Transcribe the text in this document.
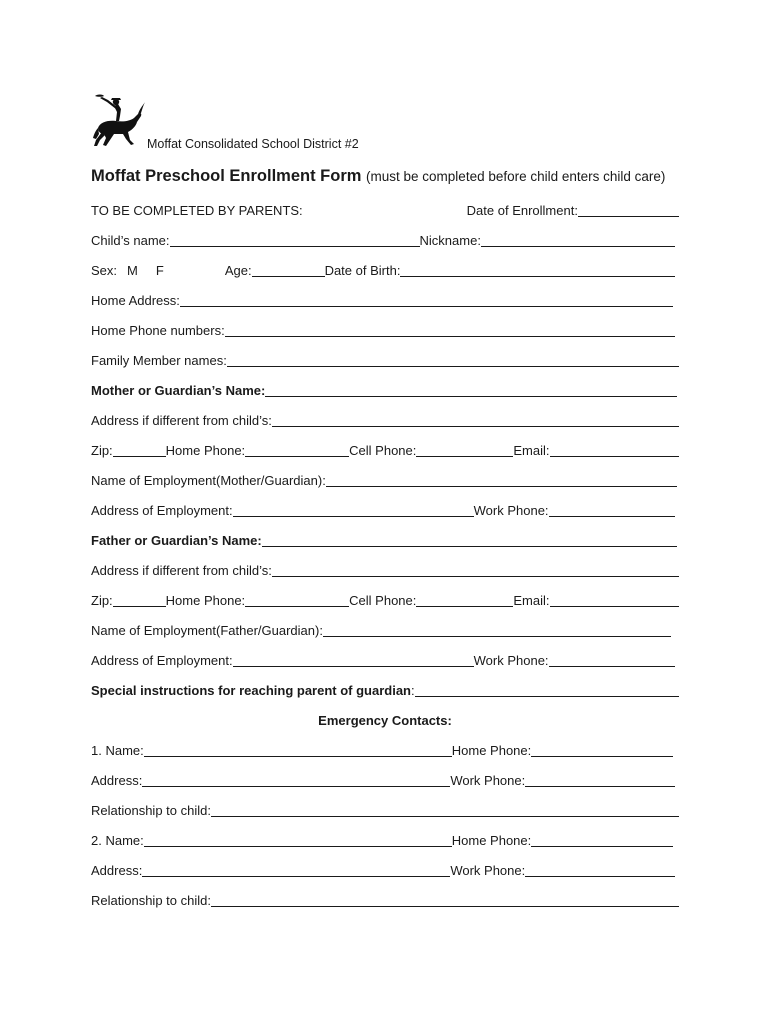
Moffat Consolidated School District #2
Moffat Preschool Enrollment Form (must be completed before child enters child care)
TO BE COMPLETED BY PARENTS:	Date of Enrollment:
Child’s name:	Nickname:
Sex: M F	Age:	Date of Birth:
Home Address:
Home Phone numbers:
Family Member names:
Mother or Guardian’s Name:
Address if different from child’s:
Zip:	Home Phone:	Cell Phone:	Email:
Name of Employment(Mother/Guardian):
Address of Employment:	Work Phone:
Father or Guardian’s Name:
Address if different from child’s:
Zip:	Home Phone:	Cell Phone:	Email:
Name of Employment(Father/Guardian):
Address of Employment:	Work Phone:
Special instructions for reaching parent of guardian :
Emergency Contacts:
1. Name:	Home Phone:
Address:	Work Phone:
Relationship to child:
2. Name:	Home Phone:
Address:	Work Phone:
Relationship to child:
